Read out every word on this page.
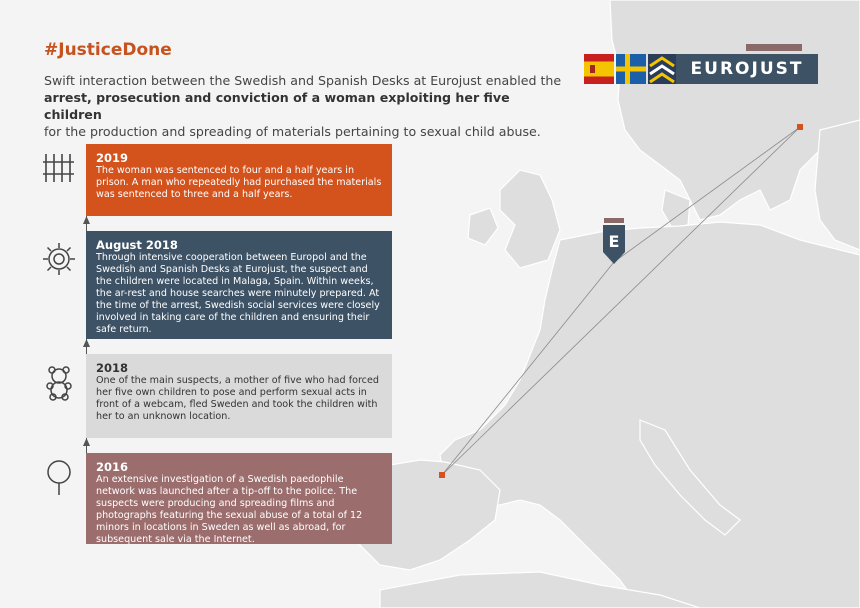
E
#JusticeDone
Swift interaction between the Swedish and Spanish Desks at Eurojust enabled the
arrest, prosecution and conviction of a woman exploiting her five children
for the production and spreading of materials pertaining to sexual child abuse.
EUROJUST
2019
The woman was sentenced to four and a half years in prison. A man who repeatedly had purchased the materials was sentenced to three and a half years.
August 2018
Through intensive cooperation between Europol and the Swedish and Spanish Desks at Eurojust, the suspect and the children were located in Malaga, Spain. Within weeks, the ar-rest and house searches were minutely prepared. At the time of the arrest, Swedish social services were closely involved in taking care of the children and ensuring their safe return.
2018
One of the main suspects, a mother of five who had forced her five own children to pose and perform sexual acts in front of a webcam, fled Sweden and took the children with her to an unknown location.
2016
An extensive investigation of a Swedish paedophile network was launched after a tip-off to the police. The suspects were producing and spreading films and photographs featuring the sexual abuse of a total of 12 minors in locations in Sweden as well as abroad, for subsequent sale via the Internet.
